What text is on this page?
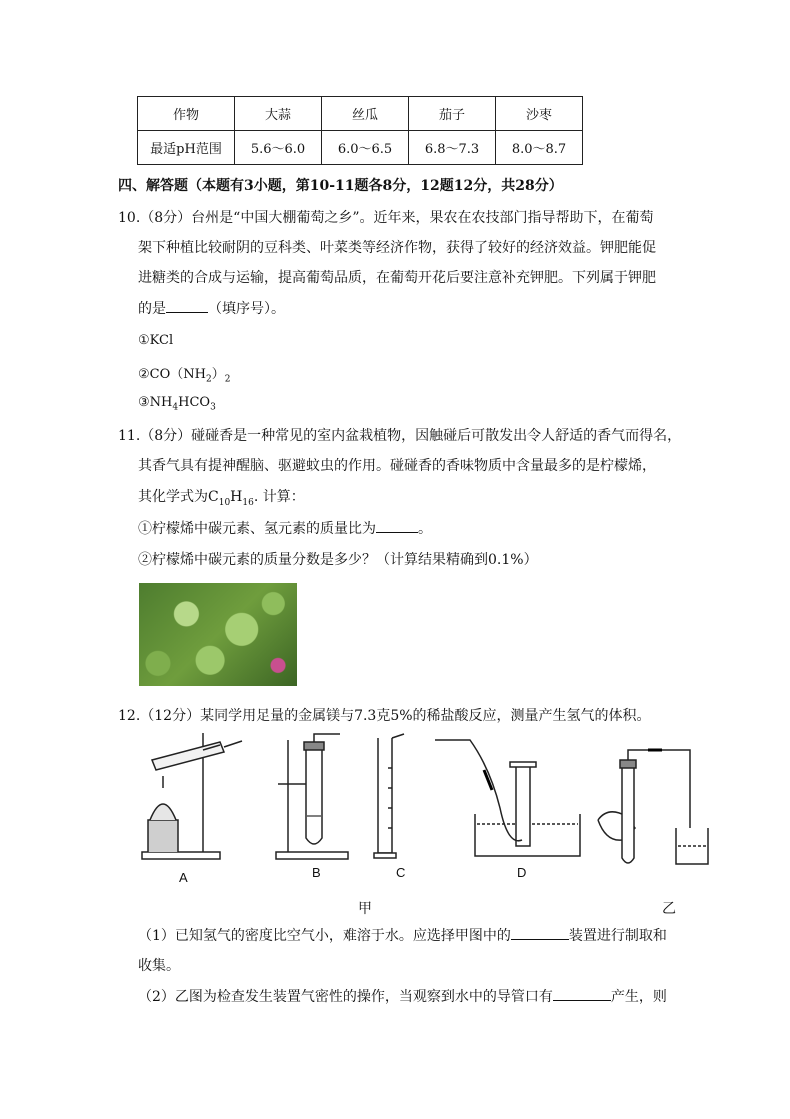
作物	大蒜	丝瓜	茄子	沙枣
最适pH范围	5.6～6.0	6.0～6.5	6.8～7.3	8.0～8.7
四、解答题（本题有3小题，第10-11题各8分，12题12分，共28分）
10.（8分）台州是“中国大棚葡萄之乡”。近年来，果农在农技部门指导帮助下，在葡萄
架下种植比较耐阴的豆科类、叶菜类等经济作物，获得了较好的经济效益。钾肥能促
进糖类的合成与运输，提高葡萄品质，在葡萄开花后要注意补充钾肥。下列属于钾肥
的是	（填序号）。
①KCl
$②CO(NH_2)_2$
$③NH_4HCO_3$
11.（8分）碰碰香是一种常见的室内盆栽植物，因触碰后可散发出令人舒适的香气而得名，
其香气具有提神醒脑、驱避蚊虫的作用。碰碰香的香味物质中含量最多的是柠檬烯，
其化学式为$C_{10}H_{16}$. 计算：
①柠檬烯中碳元素、氢元素的质量比为	。
②柠檬烯中碳元素的质量分数是多少？（计算结果精确到0.1%）
12.（12分）某同学用足量的金属镁与7.3克5%的稀盐酸反应，测量产生氢气的体积。
A	B	C	D
甲	乙
（1）已知氢气的密度比空气小，难溶于水。应选择甲图中的	装置进行制取和
收集。
（2）乙图为检查发生装置气密性的操作，当观察到水中的导管口有	产生，则
